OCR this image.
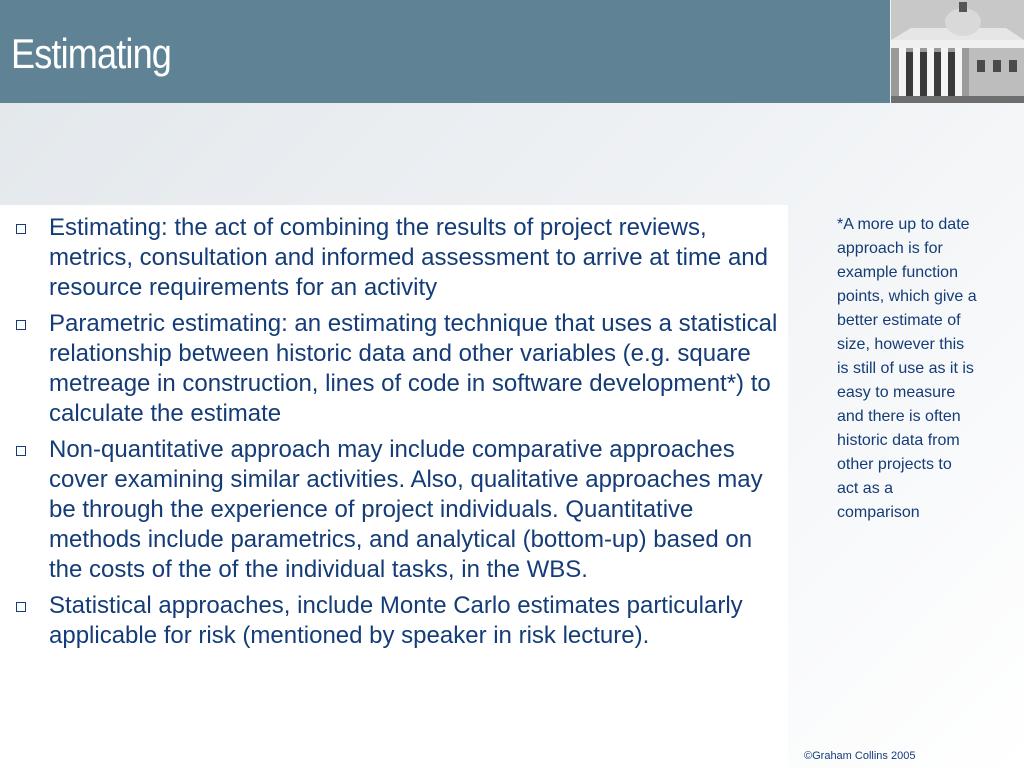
Estimating
Estimating: the act of combining the results of project reviews, metrics, consultation and informed assessment to arrive at time and resource requirements for an activity
Parametric estimating: an estimating technique that uses a statistical relationship between historic data and other variables (e.g. square metreage in construction, lines of code in software development*) to calculate the estimate
Non-quantitative approach may include comparative approaches cover examining similar activities. Also, qualitative approaches may be through the experience of project individuals. Quantitative methods include parametrics, and analytical (bottom-up) based on the costs of the of the individual tasks, in the WBS.
Statistical approaches, include Monte Carlo estimates particularly applicable for risk (mentioned by speaker in risk lecture).
*A more up to date approach is for example function points, which give a better estimate of size, however this is still of use as it is easy to measure and there is often historic data from other projects to act as a comparison
©Graham Collins 2005
